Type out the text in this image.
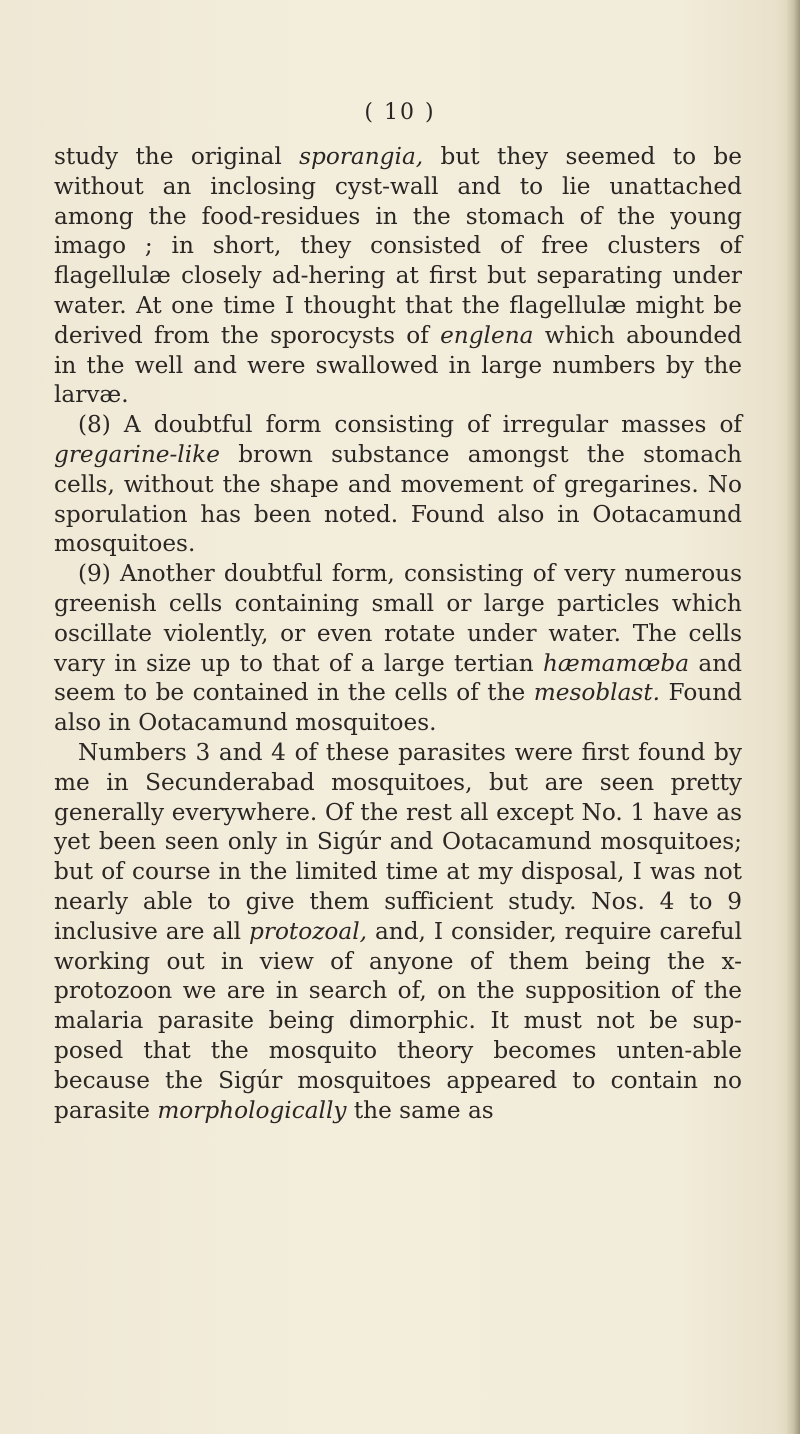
( 10 )

study the original sporangia, but they seemed to be without an inclosing cyst-wall and to lie unattached among the food-residues in the stomach of the young imago ; in short, they consisted of free clusters of flagellulæ closely ad-hering at first but separating under water. At one time I thought that the flagellulæ might be derived from the sporocysts of englena which abounded in the well and were swallowed in large numbers by the larvæ.

(8) A doubtful form consisting of irregular masses of gregarine-like brown substance amongst the stomach cells, without the shape and movement of gregarines. No sporulation has been noted. Found also in Ootacamund mosquitoes.

(9) Another doubtful form, consisting of very numerous greenish cells containing small or large particles which oscillate violently, or even rotate under water. The cells vary in size up to that of a large tertian hæmamœba and seem to be contained in the cells of the mesoblast. Found also in Ootacamund mosquitoes.

Numbers 3 and 4 of these parasites were first found by me in Secunderabad mosquitoes, but are seen pretty generally everywhere. Of the rest all except No. 1 have as yet been seen only in Sigúr and Ootacamund mosquitoes; but of course in the limited time at my disposal, I was not nearly able to give them sufficient study. Nos. 4 to 9 inclusive are all protozoal, and, I consider, require careful working out in view of anyone of them being the x-protozoon we are in search of, on the supposition of the malaria parasite being dimorphic. It must not be sup-posed that the mosquito theory becomes unten-able because the Sigúr mosquitoes appeared to contain no parasite morphologically the same as
